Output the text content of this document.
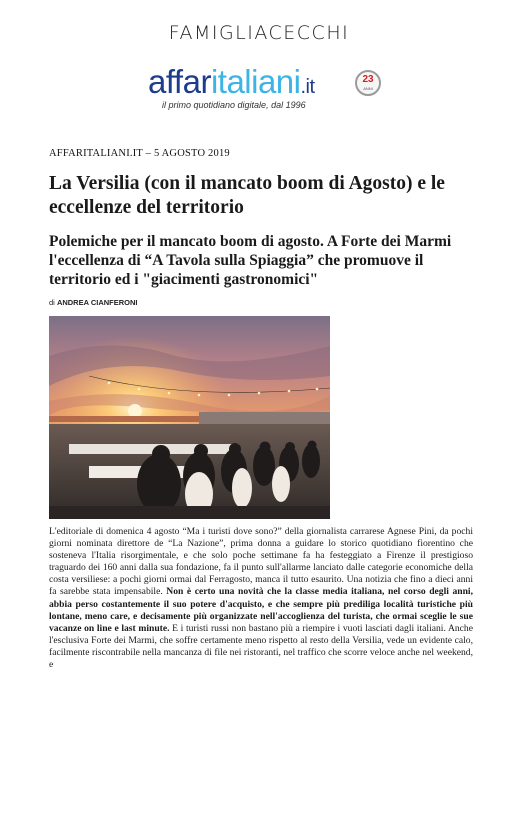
FAMIGLIACECCHI
affaritaliani.it	23
ANNI
il primo quotidiano digitale, dal 1996
AFFARITALIANI.IT – 5 AGOSTO 2019
La Versilia (con il mancato boom di Agosto) e le eccellenze del territorio
Polemiche per il mancato boom di agosto. A Forte dei Marmi l'eccellenza di “A Tavola sulla Spiaggia” che promuove il territorio ed i "giacimenti gastronomici"
di ANDREA CIANFERONI

L'editoriale di domenica 4 agosto “Ma i turisti dove sono?” della giornalista carrarese Agnese Pini, da pochi giorni nominata direttore de “La Nazione”, prima donna a guidare lo storico quotidiano fiorentino che sosteneva l'Italia risorgimentale, e che solo poche settimane fa ha festeggiato a Firenze il prestigioso traguardo dei 160 anni dalla sua fondazione, fa il punto sull'allarme lanciato dalle categorie economiche della costa versiliese: a pochi giorni ormai dal Ferragosto, manca il tutto esaurito. Una notizia che fino a dieci anni fa sarebbe stata impensabile. Non è certo una novità che la classe media italiana, nel corso degli anni, abbia perso costantemente il suo potere d'acquisto, e che sempre più prediliga località turistiche più lontane, meno care, e decisamente più organizzate nell'accoglienza del turista, che ormai sceglie le sue vacanze on line e last minute. E i turisti russi non bastano più a riempire i vuoti lasciati dagli italiani. Anche l'esclusiva Forte dei Marmi, che soffre certamente meno rispetto al resto della Versilia, vede un evidente calo, facilmente riscontrabile nella mancanza di file nei ristoranti, nel traffico che scorre veloce anche nel weekend, e
